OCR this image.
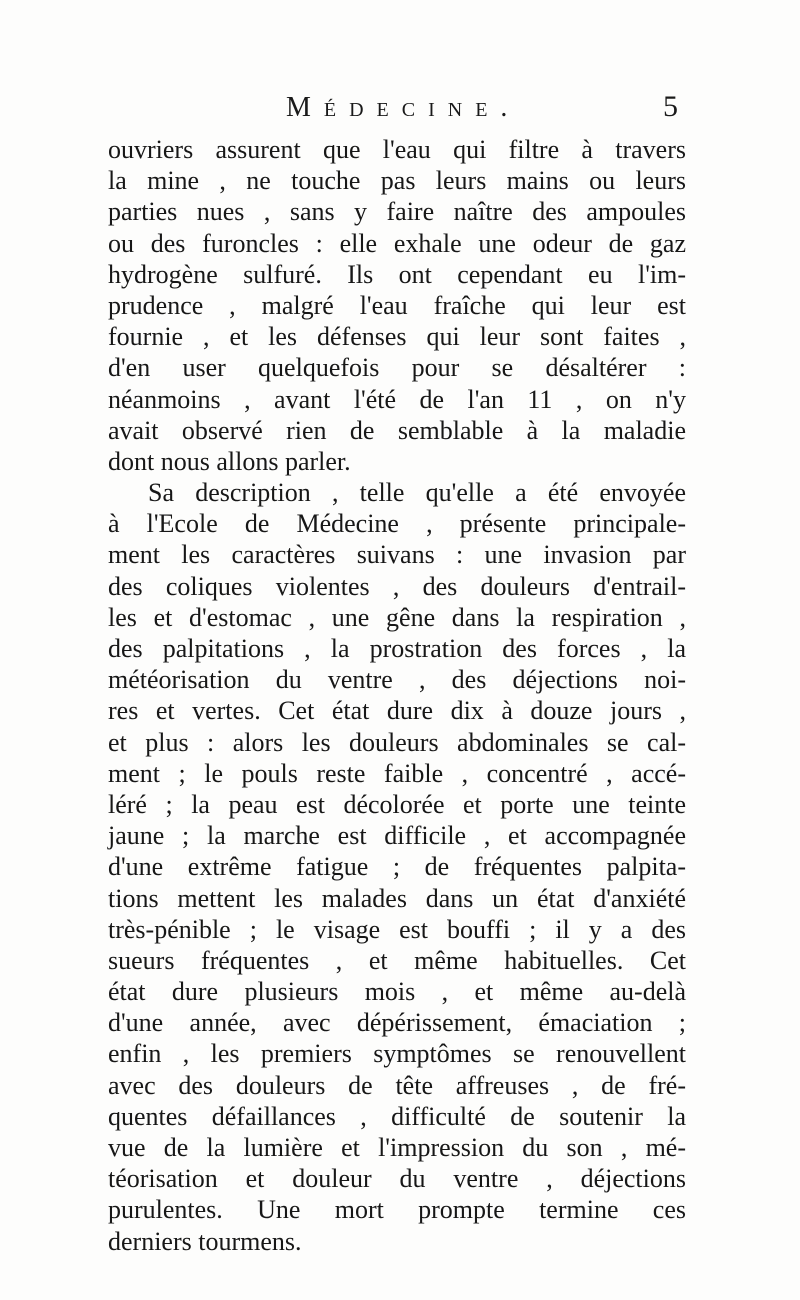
Médecine.	5
ouvriers assurent que l'eau qui filtre à travers
la mine , ne touche pas leurs mains ou leurs
parties nues , sans y faire naître des ampoules
ou des furoncles : elle exhale une odeur de gaz
hydrogène sulfuré. Ils ont cependant eu l'im-
prudence , malgré l'eau fraîche qui leur est
fournie , et les défenses qui leur sont faites ,
d'en user quelquefois pour se désaltérer :
néanmoins , avant l'été de l'an 11 , on n'y
avait observé rien de semblable à la maladie
dont nous allons parler.
Sa description , telle qu'elle a été envoyée
à l'Ecole de Médecine , présente principale-
ment les caractères suivans : une invasion par
des coliques violentes , des douleurs d'entrail-
les et d'estomac , une gêne dans la respiration ,
des palpitations , la prostration des forces , la
météorisation du ventre , des déjections noi-
res et vertes. Cet état dure dix à douze jours ,
et plus : alors les douleurs abdominales se cal-
ment ; le pouls reste faible , concentré , accé-
léré ; la peau est décolorée et porte une teinte
jaune ; la marche est difficile , et accompagnée
d'une extrême fatigue ; de fréquentes palpita-
tions mettent les malades dans un état d'anxiété
très-pénible ; le visage est bouffi ; il y a des
sueurs fréquentes , et même habituelles. Cet
état dure plusieurs mois , et même au-delà
d'une année, avec dépérissement, émaciation ;
enfin , les premiers symptômes se renouvellent
avec des douleurs de tête affreuses , de fré-
quentes défaillances , difficulté de soutenir la
vue de la lumière et l'impression du son , mé-
téorisation et douleur du ventre , déjections
purulentes. Une mort prompte termine ces
derniers tourmens.
